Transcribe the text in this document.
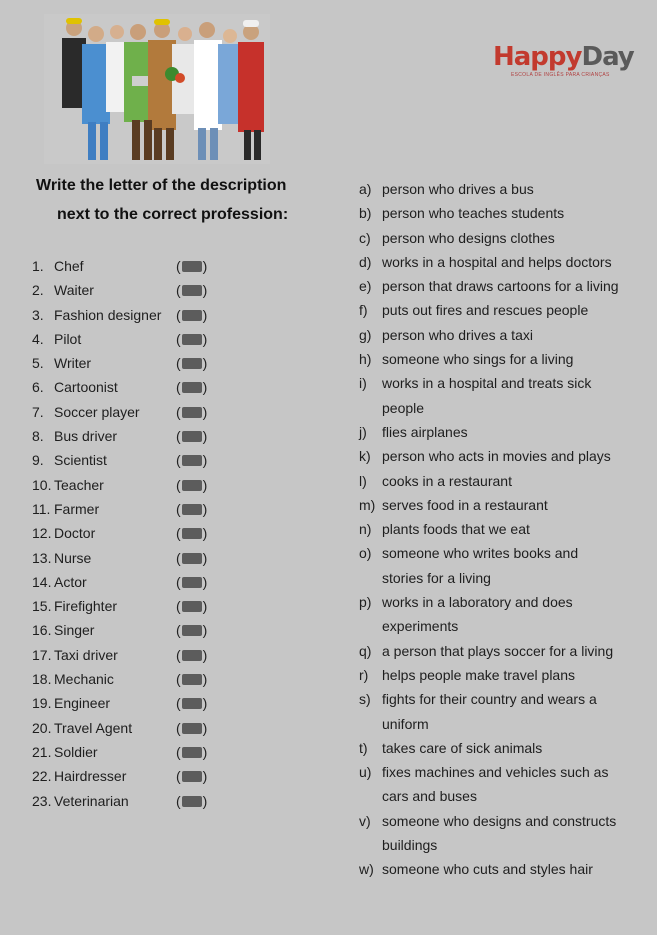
HappyDay
ESCOLA DE INGLÊS PARA CRIANÇAS
Write the letter of the description
next to the correct profession:
1. Chef	( )
2. Waiter	( )
3. Fashion designer ( )
4. Pilot	( )
5. Writer	( )
6. Cartoonist	( )
7. Soccer player	( )
8. Bus driver	( )
9. Scientist	( )
10. Teacher	( )
11. Farmer	( )
12. Doctor	( )
13. Nurse	( )
14. Actor	( )
15. Firefighter	( )
16. Singer	( )
17. Taxi driver	( )
18. Mechanic	( )
19. Engineer	( )
20. Travel Agent	( )
21. Soldier	( )
22. Hairdresser	( )
23. Veterinarian	( )
a) person who drives a bus
b) person who teaches students
c) person who designs clothes
d) works in a hospital and helps doctors
e) person that draws cartoons for a living
f) puts out fires and rescues people
g) person who drives a taxi
h) someone who sings for a living
i) works in a hospital and treats sick
people
j) flies airplanes
k) person who acts in movies and plays
l) cooks in a restaurant
m) serves food in a restaurant
n) plants foods that we eat
o) someone who writes books and
stories for a living
p) works in a laboratory and does
experiments
q) a person that plays soccer for a living
r) helps people make travel plans
s) fights for their country and wears a
uniform
t) takes care of sick animals
u) fixes machines and vehicles such as
cars and buses
v) someone who designs and constructs
buildings
w) someone who cuts and styles hair
